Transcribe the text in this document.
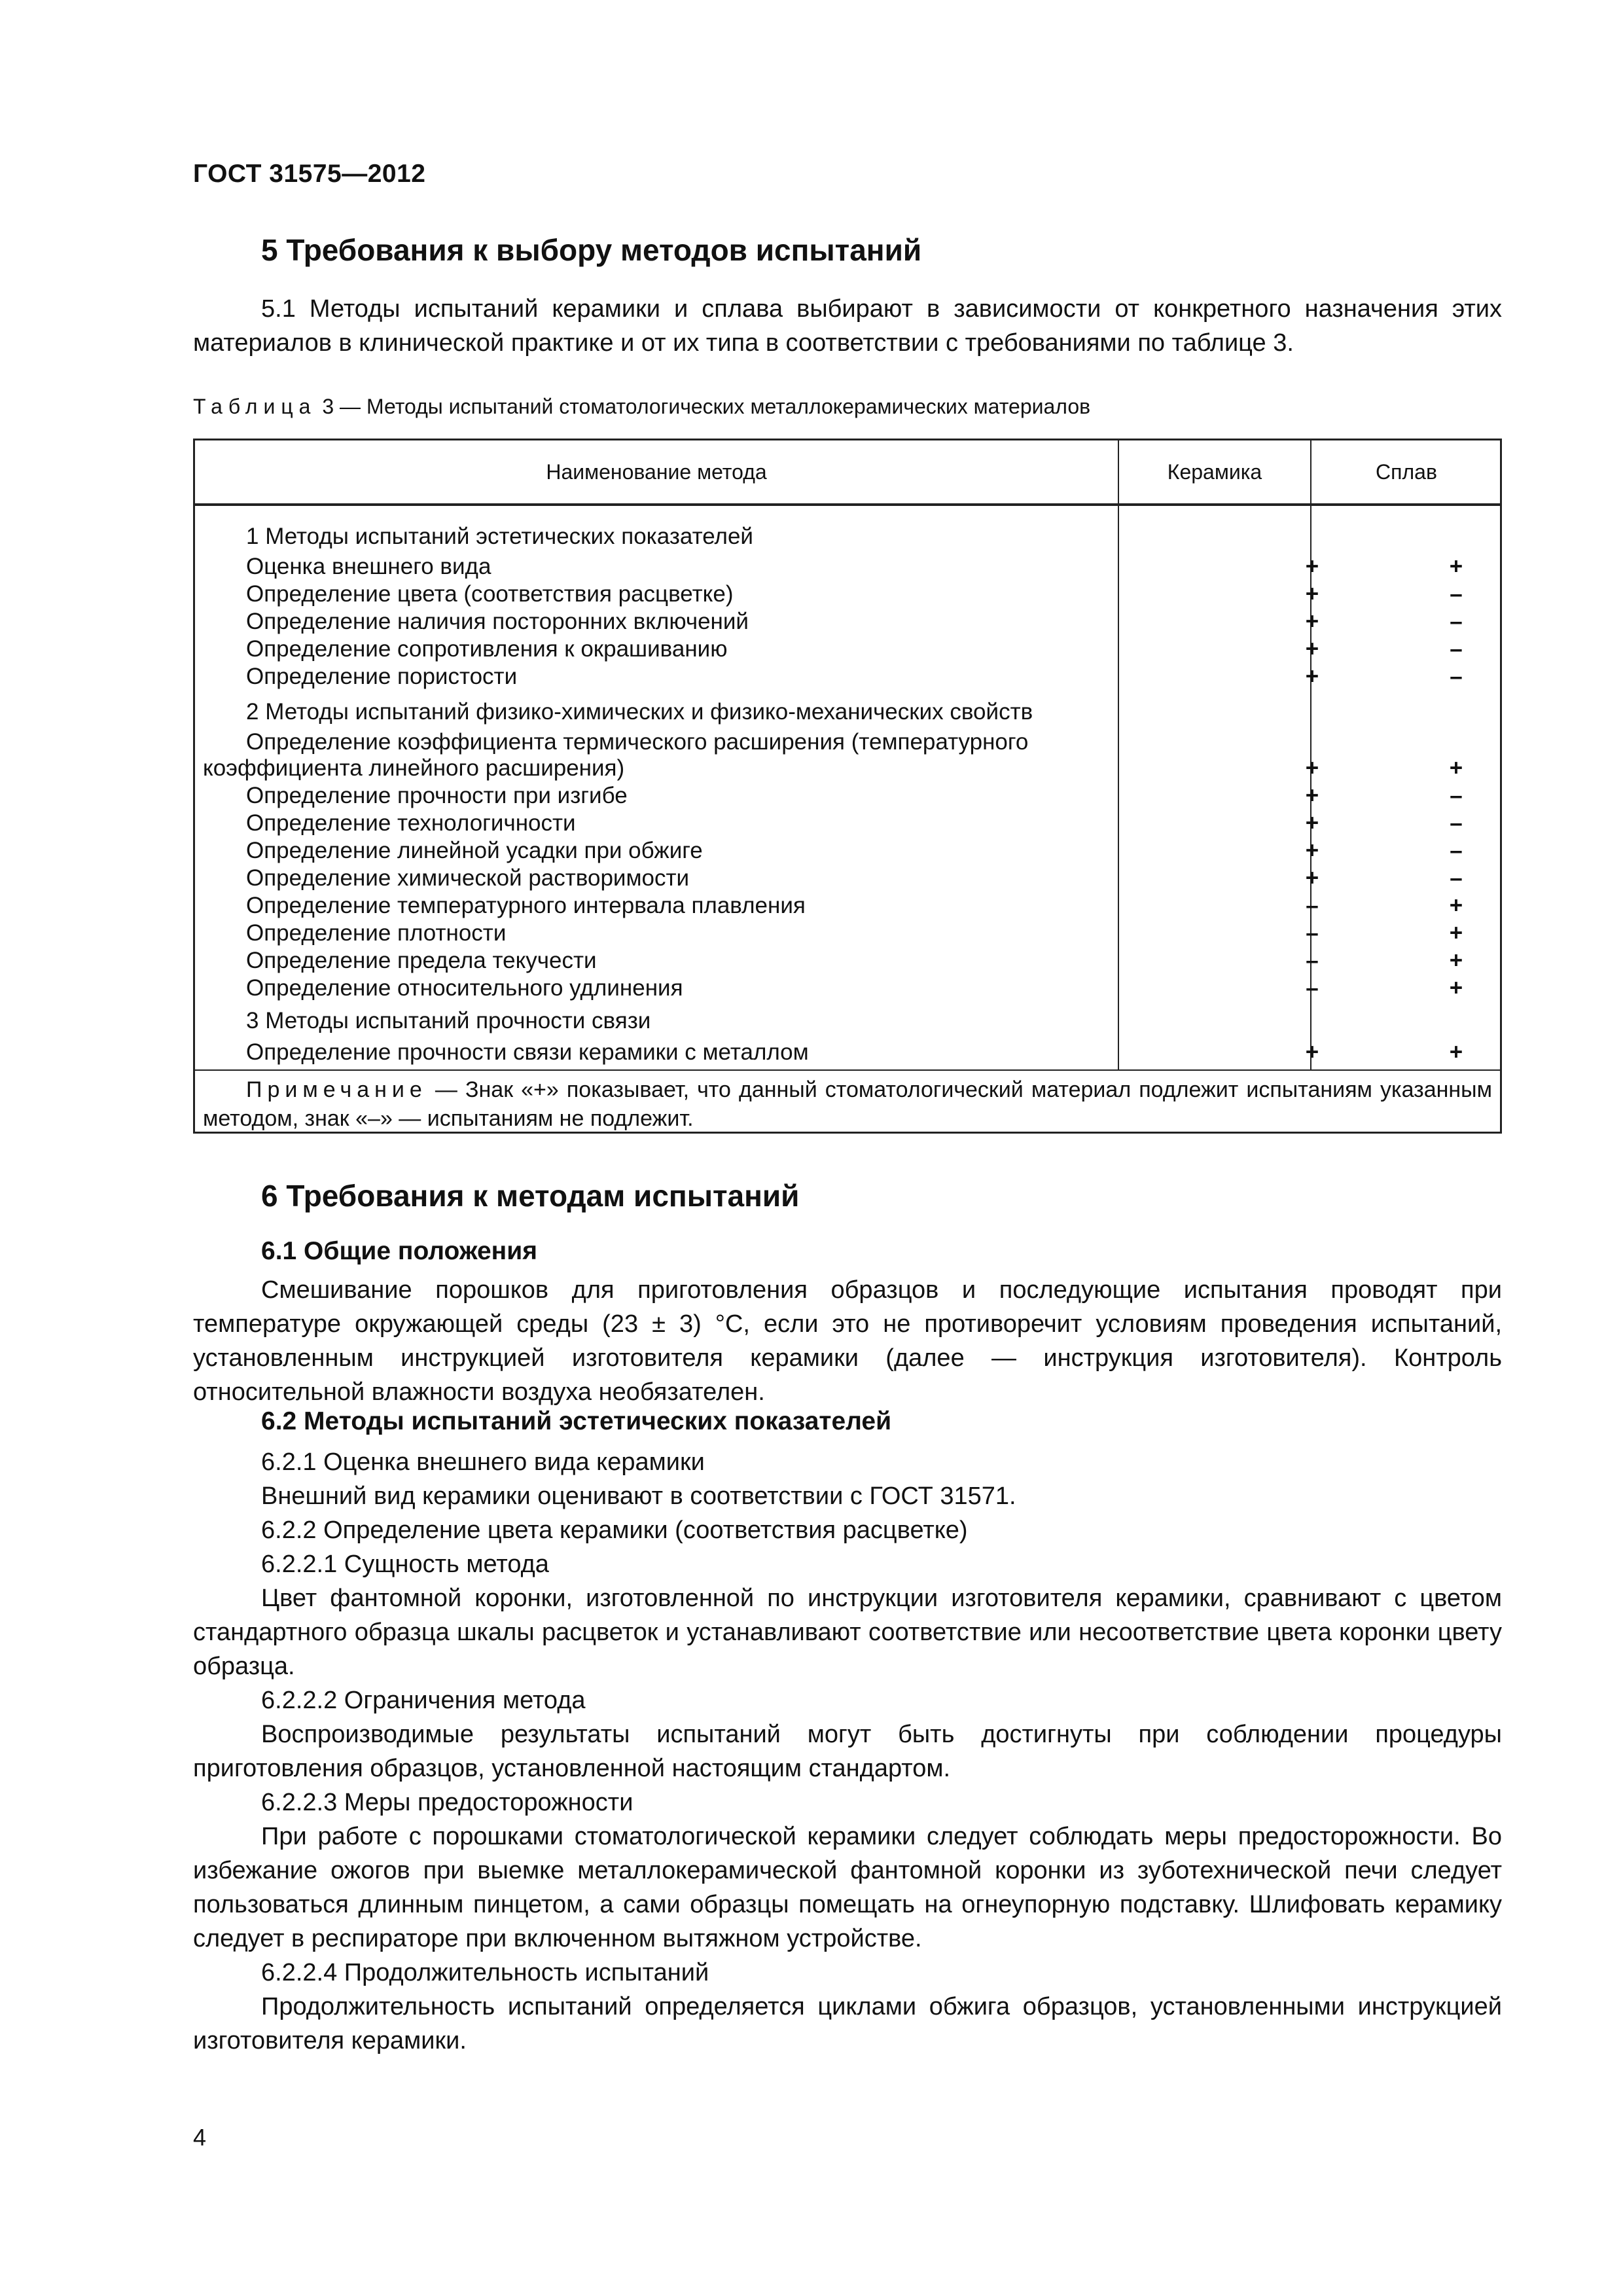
ГОСТ 31575—2012
5 Требования к выбору методов испытаний
5.1 Методы испытаний керамики и сплава выбирают в зависимости от конкретного назначения этих материалов в клинической практике и от их типа в соответствии с требованиями по таблице 3.
Таблица 3 — Методы испытаний стоматологических металлокерамических материалов
Наименование метода	Керамика	Сплав
1 Методы испытаний эстетических показателей
Оценка внешнего вида	+	+
Определение цвета (соответствия расцветке)	+	–
Определение наличия посторонних включений	+	–
Определение сопротивления к окрашиванию	+	–
Определение пористости	+	–
2 Методы испытаний физико-химических и физико-механических свойств
Определение коэффициента термического расширения (температурного
коэффициента линейного расширения)	+	+
Определение прочности при изгибе	+	–
Определение технологичности	+	–
Определение линейной усадки при обжиге	+	–
Определение химической растворимости	+	–
Определение температурного интервала плавления	–	+
Определение плотности	–	+
Определение предела текучести	–	+
Определение относительного удлинения	–	+
3 Методы испытаний прочности связи
Определение прочности связи керамики с металлом	+	+
Примечание — Знак «+» показывает, что данный стоматологический материал подлежит испытаниям указанным методом, знак «–» — испытаниям не подлежит.
6 Требования к методам испытаний
6.1 Общие положения
Смешивание порошков для приготовления образцов и последующие испытания проводят при температуре окружающей среды (23 ± 3) °С, если это не противоречит условиям проведения испытаний, установленным инструкцией изготовителя керамики (далее — инструкция изготовителя). Контроль относительной влажности воздуха необязателен.
6.2 Методы испытаний эстетических показателей
6.2.1 Оценка внешнего вида керамики
Внешний вид керамики оценивают в соответствии с ГОСТ 31571.
6.2.2 Определение цвета керамики (соответствия расцветке)
6.2.2.1 Сущность метода
Цвет фантомной коронки, изготовленной по инструкции изготовителя керамики, сравнивают с цветом стандартного образца шкалы расцветок и устанавливают соответствие или несоответствие цвета коронки цвету образца.
6.2.2.2 Ограничения метода
Воспроизводимые результаты испытаний могут быть достигнуты при соблюдении процедуры приготовления образцов, установленной настоящим стандартом.
6.2.2.3 Меры предосторожности
При работе с порошками стоматологической керамики следует соблюдать меры предосторожности. Во избежание ожогов при выемке металлокерамической фантомной коронки из зуботехнической печи следует пользоваться длинным пинцетом, а сами образцы помещать на огнеупорную подставку. Шлифовать керамику следует в респираторе при включенном вытяжном устройстве.
6.2.2.4 Продолжительность испытаний
Продолжительность испытаний определяется циклами обжига образцов, установленными инструкцией изготовителя керамики.
4
